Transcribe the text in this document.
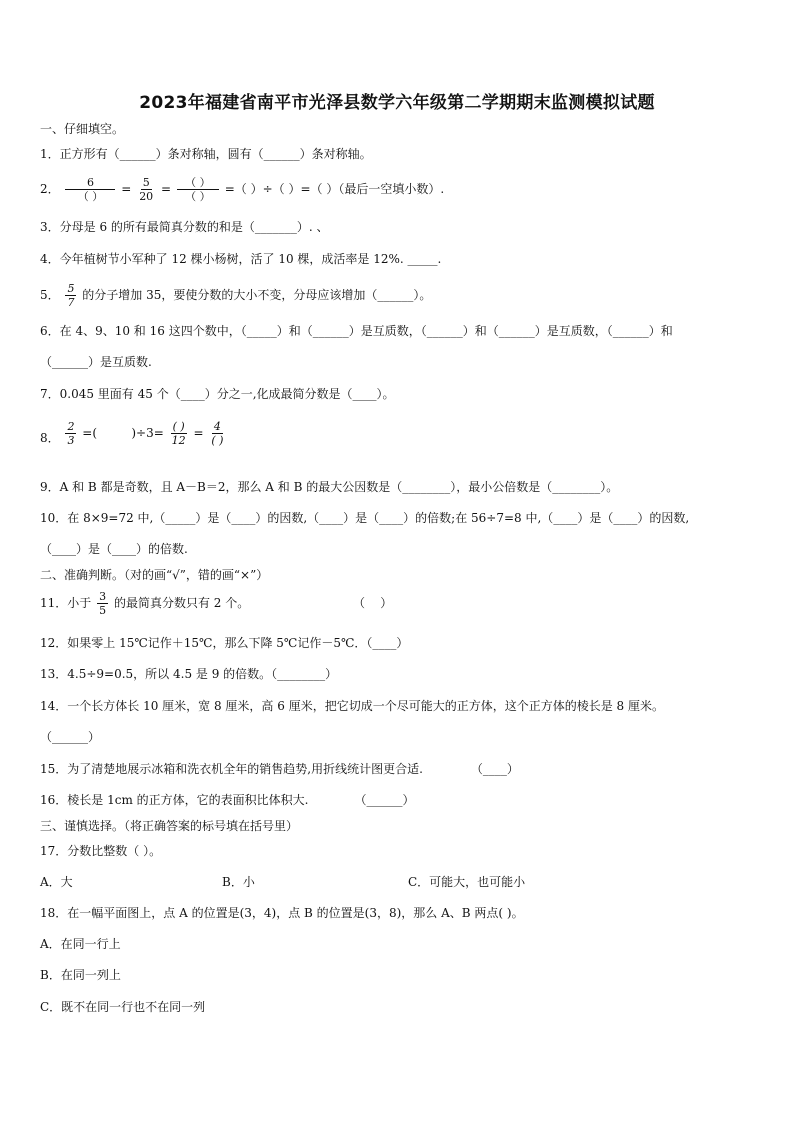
2023年福建省南平市光泽县数学六年级第二学期期末监测模拟试题
一、仔细填空。
1．正方形有（______）条对称轴，圆有（______）条对称轴。
2．	6
（ ）
= $\frac{5}{20}$ =	（ ）
（ ）
=（ ）÷（ ）=（ ）（最后一空填小数）.
3．分母是 6 的所有最简真分数的和是（_______）. 、
4．今年植树节小军种了 12 棵小杨树，活了 10 棵，成活率是 12%. _____.
5． $\frac{5}{7}$ 的分子增加 35，要使分数的大小不变，分母应该增加（______）。
6．在 4、9、10 和 16 这四个数中，（_____）和（______）是互质数，（______）和（______）是互质数，（______）和
（______）是互质数.
7．0.045 里面有 45 个（____）分之一,化成最简分数是（____）。
8． $\frac{2}{3}$ =(         )÷3= ( )
12
= 4
( )
9．A 和 B 都是奇数，且 A－B＝2，那么 A 和 B 的最大公因数是（________），最小公倍数是（________）。
10．在 8×9=72 中,（_____）是（____）的因数,（____）是（____）的倍数;在 56÷7=8 中,（____）是（____）的因数,
（____）是（____）的倍数.
二、准确判断。（对的画“√”，错的画“×”）
11．小于 $\frac{3}{5}$ 的最简真分数只有 2 个。	（    ）
12．如果零上 15℃记作＋15℃，那么下降 5℃记作－5℃．（____）
13．4.5÷9=0.5，所以 4.5 是 9 的倍数。（________）
14．一个长方体长 10 厘米，宽 8 厘米，高 6 厘米，把它切成一个尽可能大的正方体，这个正方体的棱长是 8 厘米。
（______）
15．为了清楚地展示冰箱和洗衣机全年的销售趋势,用折线统计图更合适.	（____）
16．棱长是 1cm 的正方体，它的表面积比体积大.	（______）
三、谨慎选择。（将正确答案的标号填在括号里）
17．分数比整数（ ）。
A．大	B．小	C．可能大，也可能小
18．在一幅平面图上，点 A 的位置是(3，4)，点 B 的位置是(3，8)，那么 A、B 两点( )。
A．在同一行上
B．在同一列上
C．既不在同一行也不在同一列
